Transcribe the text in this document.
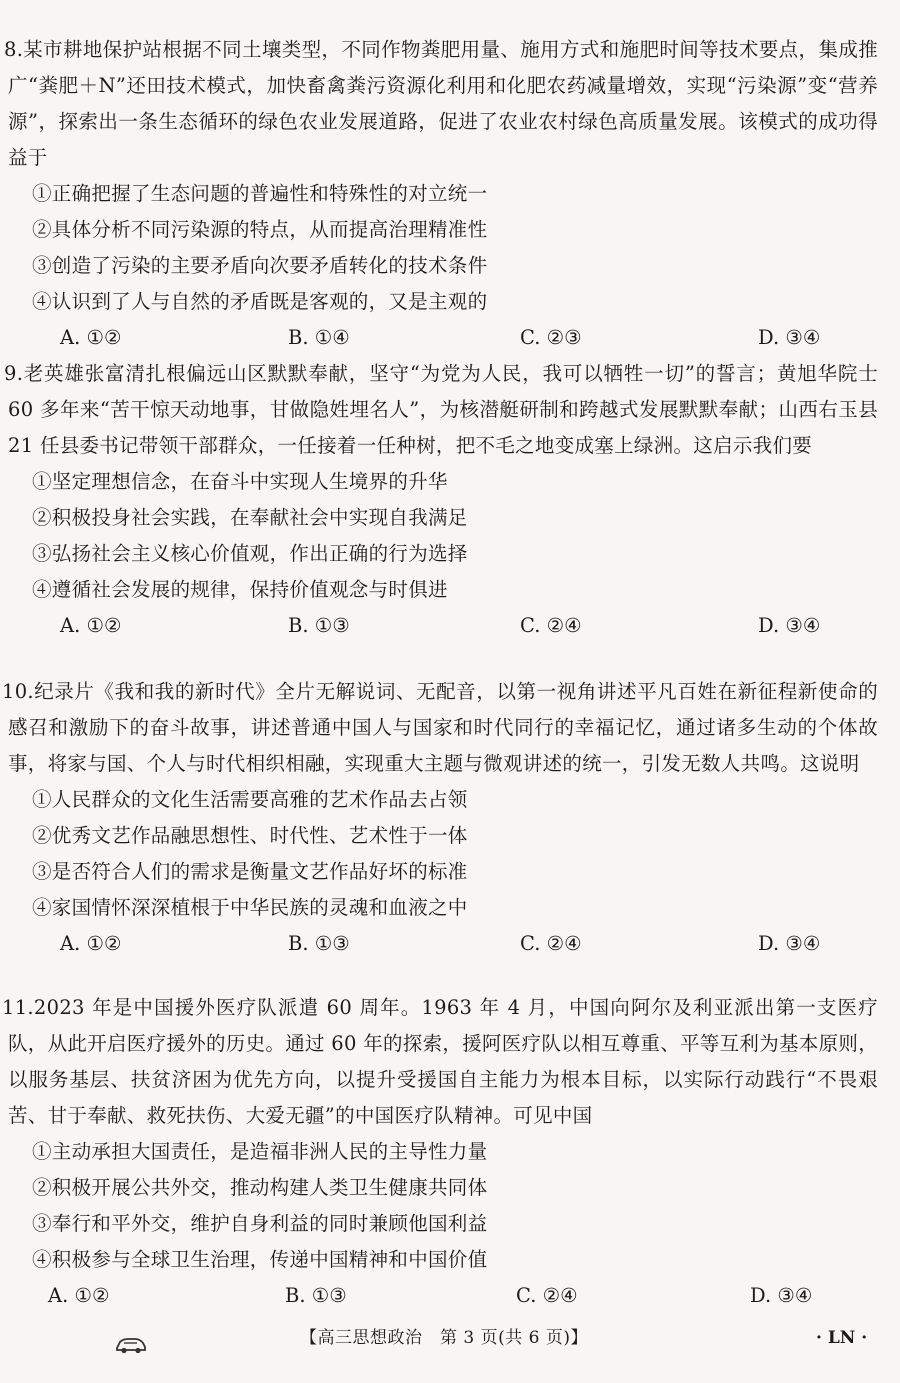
8.某市耕地保护站根据不同土壤类型，不同作物粪肥用量、施用方式和施肥时间等技术要点，集成推广“粪肥＋N”还田技术模式，加快畜禽粪污资源化利用和化肥农药减量增效，实现“污染源”变“营养源”，探索出一条生态循环的绿色农业发展道路，促进了农业农村绿色高质量发展。该模式的成功得益于

①正确把握了生态问题的普遍性和特殊性的对立统一

②具体分析不同污染源的特点，从而提高治理精准性

③创造了污染的主要矛盾向次要矛盾转化的技术条件

④认识到了人与自然的矛盾既是客观的，又是主观的

A. ①②	B. ①④	C. ②③	D. ③④

9.老英雄张富清扎根偏远山区默默奉献，坚守“为党为人民，我可以牺牲一切”的誓言；黄旭华院士 60 多年来“苦干惊天动地事，甘做隐姓埋名人”，为核潜艇研制和跨越式发展默默奉献；山西右玉县 21 任县委书记带领干部群众，一任接着一任种树，把不毛之地变成塞上绿洲。这启示我们要

①坚定理想信念，在奋斗中实现人生境界的升华

②积极投身社会实践，在奉献社会中实现自我满足

③弘扬社会主义核心价值观，作出正确的行为选择

④遵循社会发展的规律，保持价值观念与时俱进

A. ①②	B. ①③	C. ②④	D. ③④

10.纪录片《我和我的新时代》全片无解说词、无配音，以第一视角讲述平凡百姓在新征程新使命的感召和激励下的奋斗故事，讲述普通中国人与国家和时代同行的幸福记忆，通过诸多生动的个体故事，将家与国、个人与时代相织相融，实现重大主题与微观讲述的统一，引发无数人共鸣。这说明

①人民群众的文化生活需要高雅的艺术作品去占领

②优秀文艺作品融思想性、时代性、艺术性于一体

③是否符合人们的需求是衡量文艺作品好坏的标准

④家国情怀深深植根于中华民族的灵魂和血液之中

A. ①②	B. ①③	C. ②④	D. ③④

11.2023 年是中国援外医疗队派遣 60 周年。1963 年 4 月，中国向阿尔及利亚派出第一支医疗队，从此开启医疗援外的历史。通过 60 年的探索，援阿医疗队以相互尊重、平等互利为基本原则，以服务基层、扶贫济困为优先方向，以提升受援国自主能力为根本目标，以实际行动践行“不畏艰苦、甘于奉献、救死扶伤、大爱无疆”的中国医疗队精神。可见中国

①主动承担大国责任，是造福非洲人民的主导性力量

②积极开展公共外交，推动构建人类卫生健康共同体

③奉行和平外交，维护自身利益的同时兼顾他国利益

④积极参与全球卫生治理，传递中国精神和中国价值

A. ①②	B. ①③	C. ②④	D. ③④
【高三思想政治　第 3 页(共 6 页)】	· LN ·
